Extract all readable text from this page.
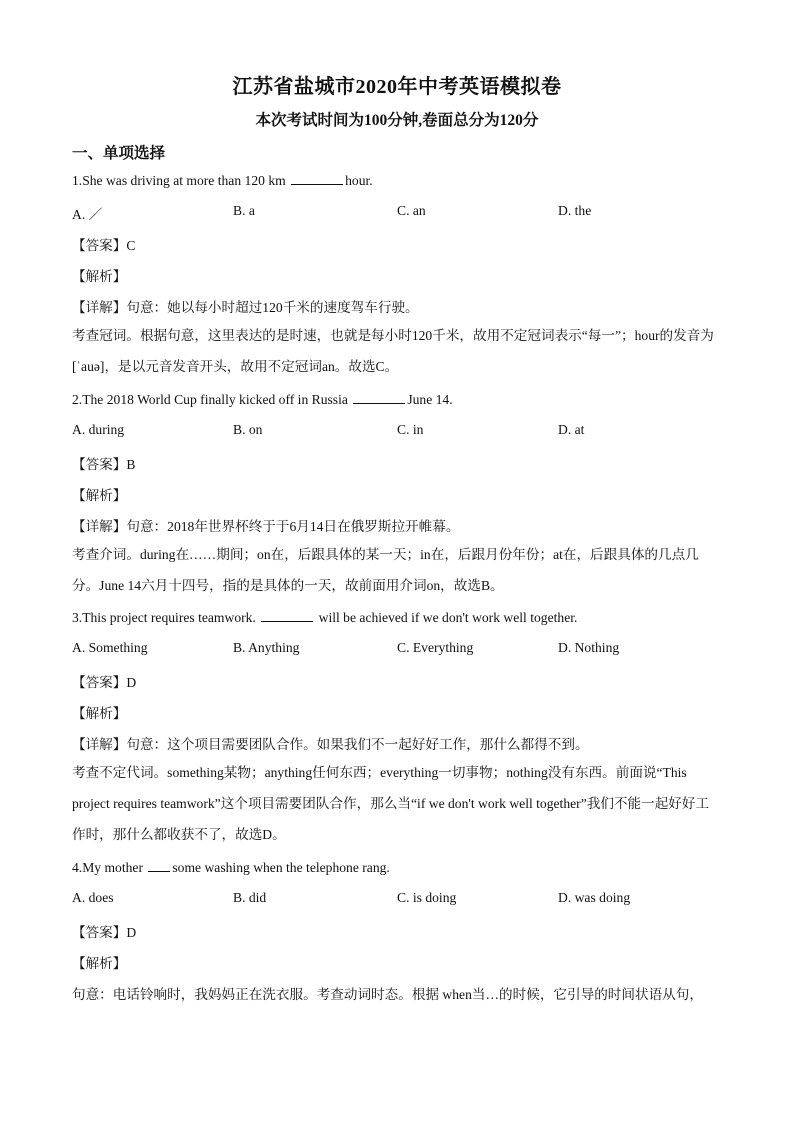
江苏省盐城市2020年中考英语模拟卷
本次考试时间为100分钟,卷面总分为120分
一、单项选择
1.She was driving at more than 120 km	hour.
A. ／	B. a	C. an	D. the
【答案】C
【解析】
【详解】句意：她以每小时超过120千米的速度驾车行驶。
考查冠词。根据句意，这里表达的是时速，也就是每小时120千米，故用不定冠词表示“每一”；hour的发音为[ˈauə]，是以元音发音开头，故用不定冠词an。故选C。
2.The 2018 World Cup finally kicked off in Russia	June 14.
A. during	B. on	C. in	D. at
【答案】B
【解析】
【详解】句意：2018年世界杯终于于6月14日在俄罗斯拉开帷幕。
考查介词。during在……期间；on在，后跟具体的某一天；in在，后跟月份年份；at在，后跟具体的几点几分。June 14六月十四号，指的是具体的一天，故前面用介词on，故选B。
3.This project requires teamwork.	will be achieved if we don't work well together.
A. Something	B. Anything	C. Everything	D. Nothing
【答案】D
【解析】
【详解】句意：这个项目需要团队合作。如果我们不一起好好工作，那什么都得不到。
考查不定代词。something某物；anything任何东西；everything一切事物；nothing没有东西。前面说“This project requires teamwork”这个项目需要团队合作，那么当“if we don't work well together”我们不能一起好好工作时，那什么都收获不了，故选D。
4.My mother some washing when the telephone rang.
A. does	B. did	C. is doing	D. was doing
【答案】D
【解析】
句意：电话铃响时，我妈妈正在洗衣服。考查动词时态。根据 when当…的时候，它引导的时间状语从句，
